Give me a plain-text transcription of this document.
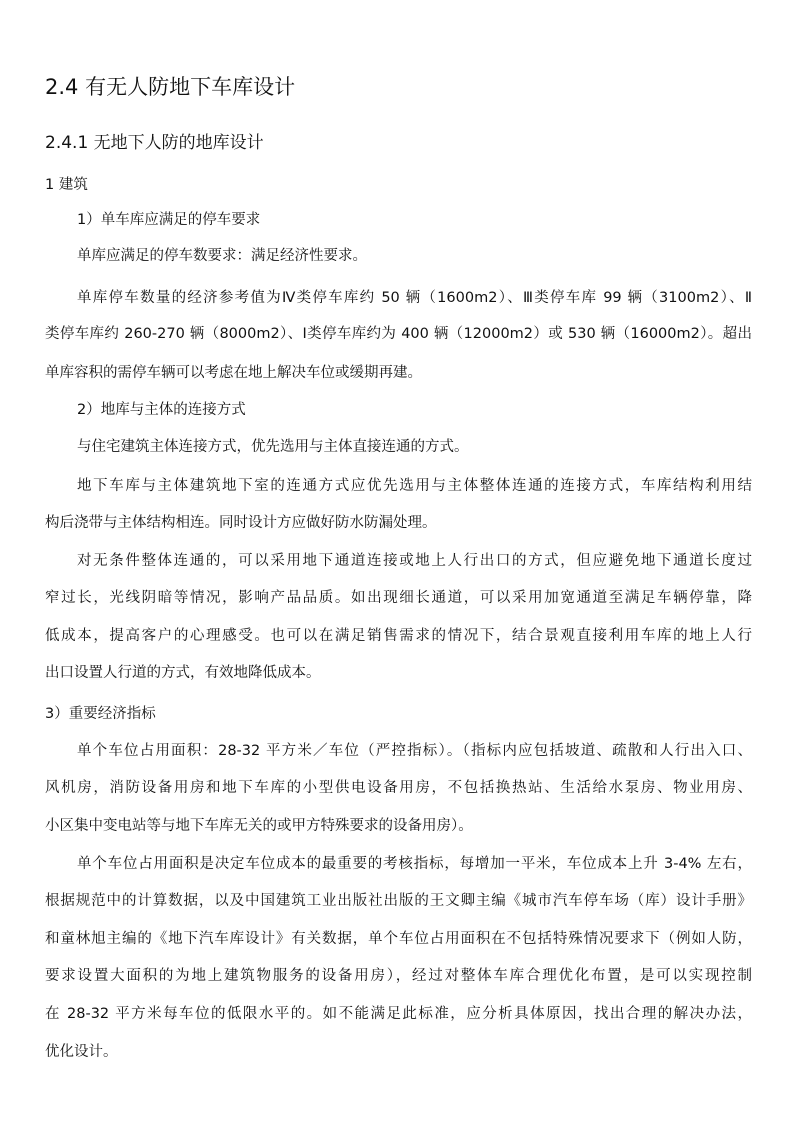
2.4 有无人防地下车库设计
2.4.1 无地下人防的地库设计

1 建筑

1）单车库应满足的停车要求

单库应满足的停车数要求：满足经济性要求。

单库停车数量的经济参考值为Ⅳ类停车库约 50 辆（1600m2）、Ⅲ类停车库 99 辆（3100m2）、Ⅱ

类停车库约 260-270 辆（8000m2）、Ⅰ类停车库约为 400 辆（12000m2）或 530 辆（16000m2）。超出

单库容积的需停车辆可以考虑在地上解决车位或缓期再建。

2）地库与主体的连接方式

与住宅建筑主体连接方式，优先选用与主体直接连通的方式。

地下车库与主体建筑地下室的连通方式应优先选用与主体整体连通的连接方式，车库结构利用结

构后浇带与主体结构相连。同时设计方应做好防水防漏处理。

对无条件整体连通的，可以采用地下通道连接或地上人行出口的方式，但应避免地下通道长度过

窄过长，光线阴暗等情况，影响产品品质。如出现细长通道，可以采用加宽通道至满足车辆停靠，降

低成本，提高客户的心理感受。也可以在满足销售需求的情况下，结合景观直接利用车库的地上人行

出口设置人行道的方式，有效地降低成本。

3）重要经济指标

单个车位占用面积：28-32 平方米／车位（严控指标）。（指标内应包括坡道、疏散和人行出入口、

风机房，消防设备用房和地下车库的小型供电设备用房，不包括换热站、生活给水泵房、物业用房、

小区集中变电站等与地下车库无关的或甲方特殊要求的设备用房）。

单个车位占用面积是决定车位成本的最重要的考核指标，每增加一平米，车位成本上升 3-4% 左右，

根据规范中的计算数据，以及中国建筑工业出版社出版的王文卿主编《城市汽车停车场（库）设计手册》

和童林旭主编的《地下汽车库设计》有关数据，单个车位占用面积在不包括特殊情况要求下（例如人防，

要求设置大面积的为地上建筑物服务的设备用房），经过对整体车库合理优化布置，是可以实现控制

在 28-32 平方米每车位的低限水平的。如不能满足此标准，应分析具体原因，找出合理的解决办法，

优化设计。
